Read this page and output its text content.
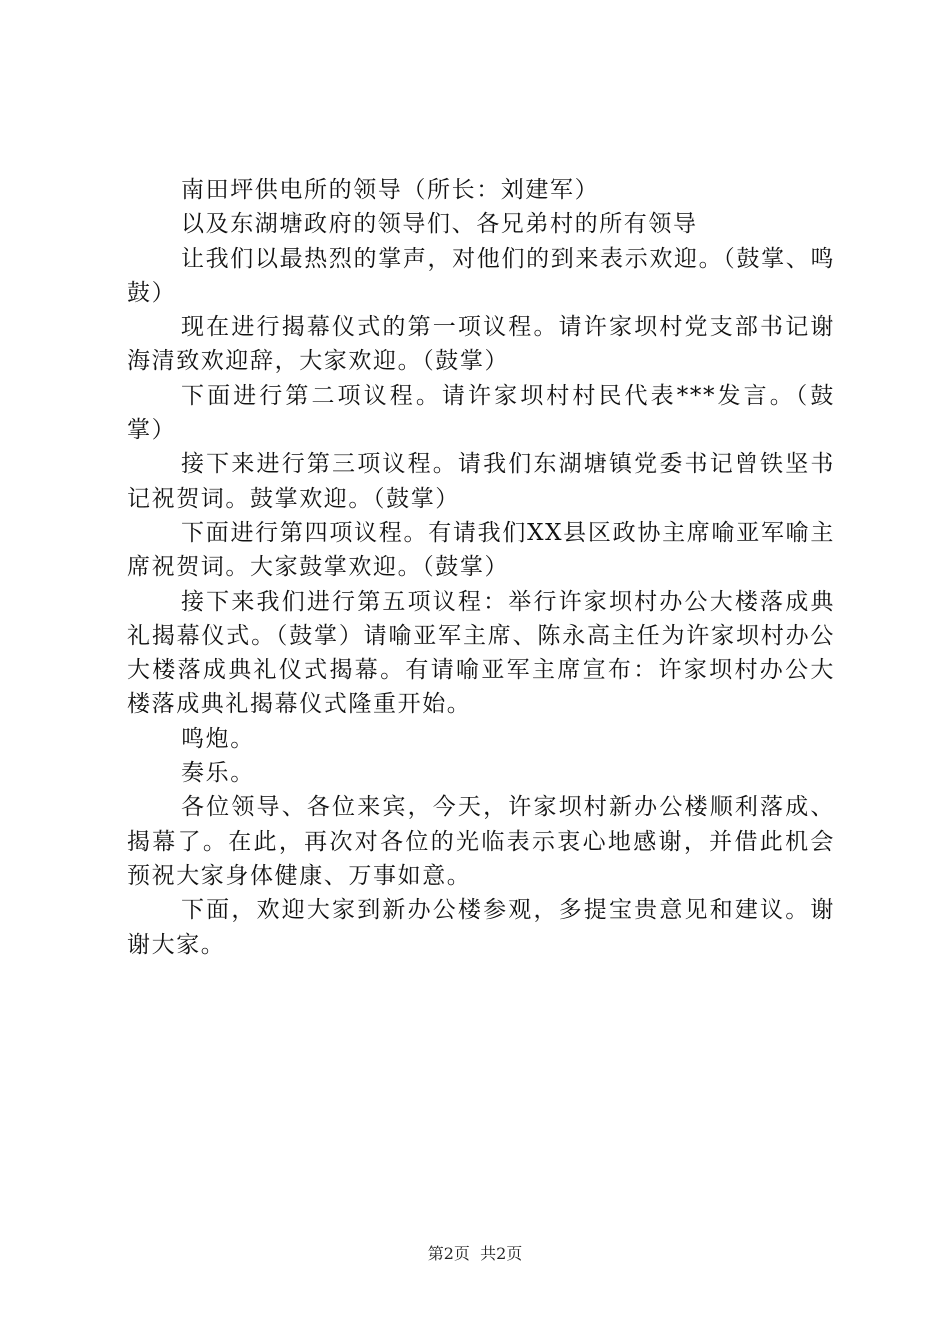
南田坪供电所的领导（所长：刘建军）

以及东湖塘政府的领导们、各兄弟村的所有领导

让我们以最热烈的掌声，对他们的到来表示欢迎。（鼓掌、鸣鼓）

现在进行揭幕仪式的第一项议程。请许家坝村党支部书记谢海清致欢迎辞，大家欢迎。（鼓掌）

下面进行第二项议程。请许家坝村村民代表***发言。（鼓掌）

接下来进行第三项议程。请我们东湖塘镇党委书记曾铁坚书记祝贺词。鼓掌欢迎。（鼓掌）

下面进行第四项议程。有请我们XX县区政协主席喻亚军喻主席祝贺词。大家鼓掌欢迎。（鼓掌）

接下来我们进行第五项议程：举行许家坝村办公大楼落成典礼揭幕仪式。（鼓掌）请喻亚军主席、陈永高主任为许家坝村办公大楼落成典礼仪式揭幕。有请喻亚军主席宣布：许家坝村办公大楼落成典礼揭幕仪式隆重开始。

鸣炮。

奏乐。

各位领导、各位来宾，今天，许家坝村新办公楼顺利落成、揭幕了。在此，再次对各位的光临表示衷心地感谢，并借此机会预祝大家身体健康、万事如意。

下面，欢迎大家到新办公楼参观，多提宝贵意见和建议。谢谢大家。

第2页  共2页
